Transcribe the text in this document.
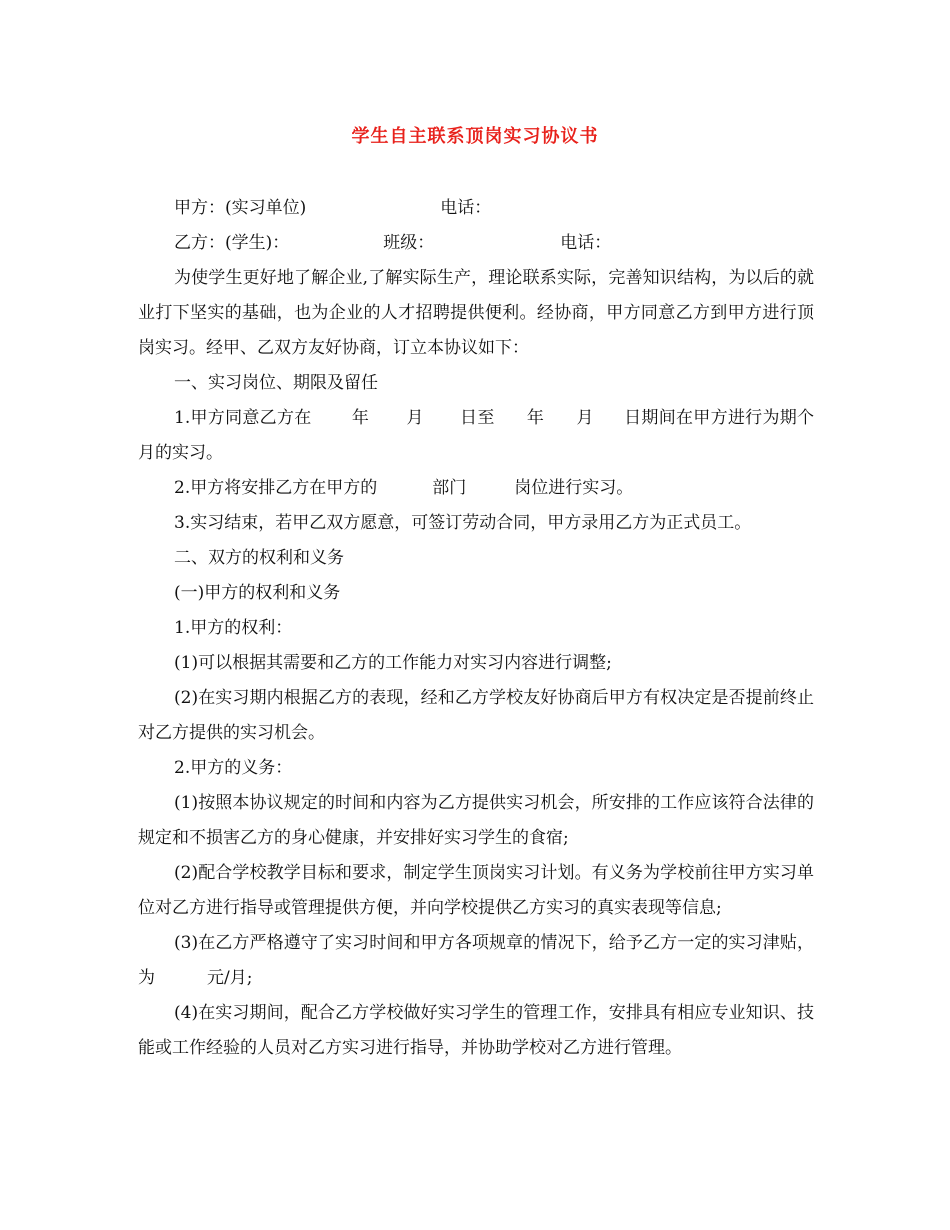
学生自主联系顶岗实习协议书

甲方：(实习单位)	电话：

乙方：(学生)：	班级：	电话：

为使学生更好地了解企业,了解实际生产，理论联系实际，完善知识结构，为以后的就业打下坚实的基础，也为企业的人才招聘提供便利。经协商，甲方同意乙方到甲方进行顶岗实习。经甲、乙双方友好协商，订立本协议如下：

一、实习岗位、期限及留任

1.甲方同意乙方在 年 月 日至 年 月 日期间在甲方进行为期个月的实习。

2.甲方将安排乙方在甲方的	部门	岗位进行实习。

3.实习结束，若甲乙双方愿意，可签订劳动合同，甲方录用乙方为正式员工。

二、双方的权利和义务

(一)甲方的权利和义务

1.甲方的权利：

(1)可以根据其需要和乙方的工作能力对实习内容进行调整;

(2)在实习期内根据乙方的表现，经和乙方学校友好协商后甲方有权决定是否提前终止对乙方提供的实习机会。

2.甲方的义务：

(1)按照本协议规定的时间和内容为乙方提供实习机会，所安排的工作应该符合法律的规定和不损害乙方的身心健康，并安排好实习学生的食宿;

(2)配合学校教学目标和要求，制定学生顶岗实习计划。有义务为学校前往甲方实习单位对乙方进行指导或管理提供方便，并向学校提供乙方实习的真实表现等信息;

(3)在乙方严格遵守了实习时间和甲方各项规章的情况下，给予乙方一定的实习津贴，为	元/月;

(4)在实习期间，配合乙方学校做好实习学生的管理工作，安排具有相应专业知识、技能或工作经验的人员对乙方实习进行指导，并协助学校对乙方进行管理。
